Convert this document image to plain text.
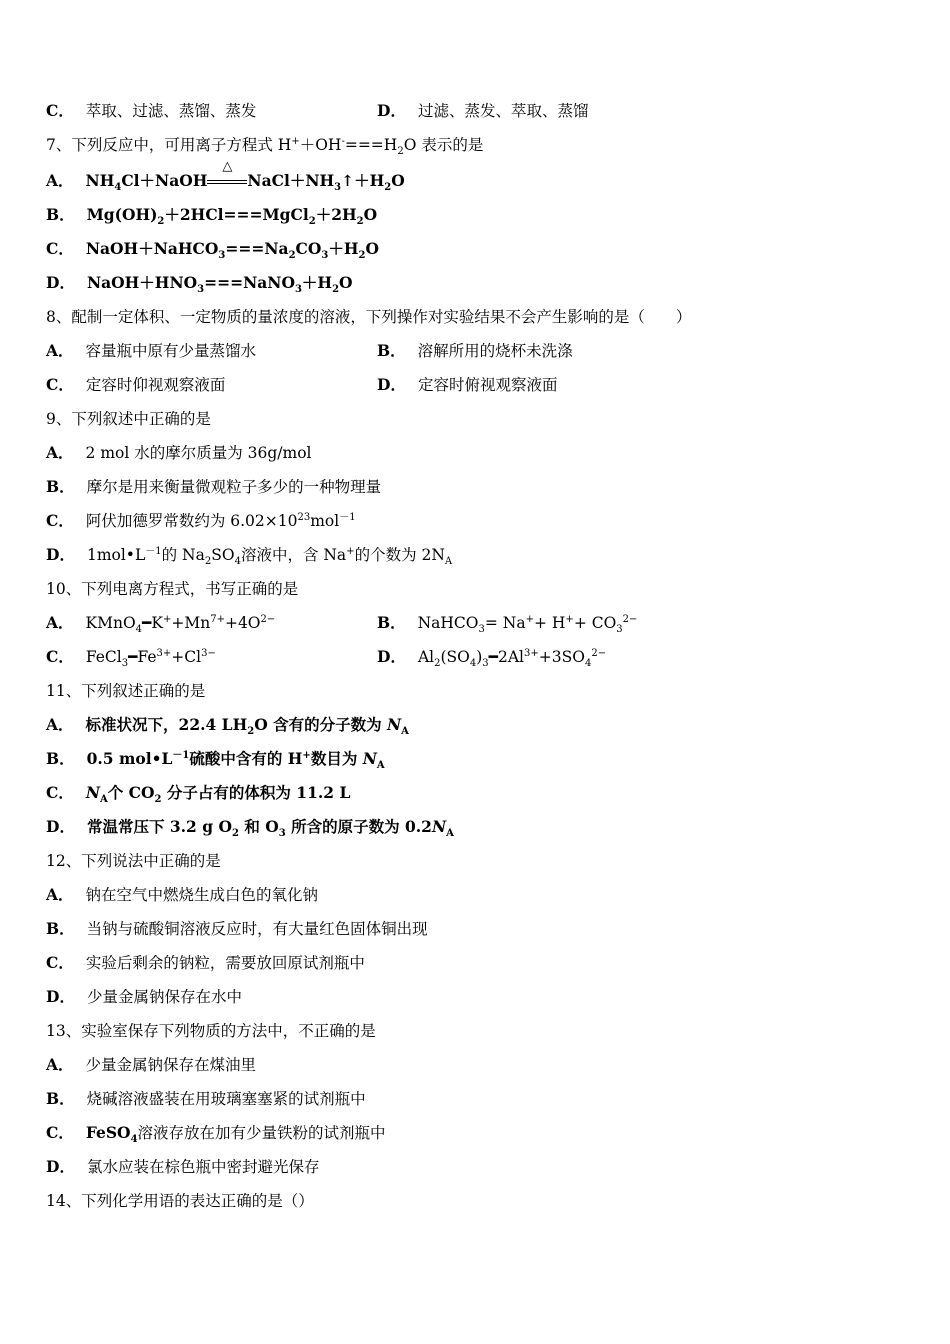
C． 萃取、过滤、蒸馏、蒸发	D． 过滤、蒸发、萃取、蒸馏
7、下列反应中，可用离子方程式 $H^++OH^-===H_2O$ 表示的是
A． $NH_4Cl+NaOH$
△
$NaCl+NH_3↑+H_2O$
B． $Mg(OH)_2+2HCl===MgCl_2+2H_2O$
C． $NaOH+NaHCO_3===Na_2CO_3+H_2O$
D． $NaOH+HNO_3===NaNO_3+H_2O$
8、配制一定体积、一定物质的量浓度的溶液，下列操作对实验结果不会产生影响的是（　　）
A． 容量瓶中原有少量蒸馏水	B． 溶解所用的烧杯未洗涤
C． 定容时仰视观察液面	D． 定容时俯视观察液面
9、下列叙述中正确的是
A． 2 mol 水的摩尔质量为 36g/mol
B． 摩尔是用来衡量微观粒子多少的一种物理量
C． 阿伏加德罗常数约为 $6.02\times 10^{23}mol^{-1}$
D． $1mol•L^{-1}$的 $Na_2SO_4$溶液中，含 Na+的个数为 $2N_A$
10、下列电离方程式，书写正确的是
A． $KMnO_4━K^++Mn^{7+}+4O^{2-}$	B． NaHCO$_3$= $Na^++ H^++ CO_3^{2-}$
C． $FeCl_3━Fe^{3+}+Cl^{3-}$	D． $Al_2(SO_4)_3━2Al^{3+}+3SO_4^{2-}$
11、下列叙述正确的是
A． 标准状况下，22.4 $LH_2O$ 含有的分子数为 $N_A$
B． 0.5 $mol•L^{-1}$硫酸中含有的 H+数目为 $N_A$
C． $N_A$个 $CO_2$ 分子占有的体积为 11.2 L
D． 常温常压下 3.2 g $O_2$ 和 $O_3$ 所含的原子数为 $0.2N_A$
12、下列说法中正确的是
A． 钠在空气中燃烧生成白色的氧化钠
B． 当钠与硫酸铜溶液反应时，有大量红色固体铜出现
C． 实验后剩余的钠粒，需要放回原试剂瓶中
D． 少量金属钠保存在水中
13、实验室保存下列物质的方法中，不正确的是
A． 少量金属钠保存在煤油里
B． 烧碱溶液盛装在用玻璃塞塞紧的试剂瓶中
C． FeSO$_4$溶液存放在加有少量铁粉的试剂瓶中
D． 氯水应装在棕色瓶中密封避光保存
14、下列化学用语的表达正确的是（）
